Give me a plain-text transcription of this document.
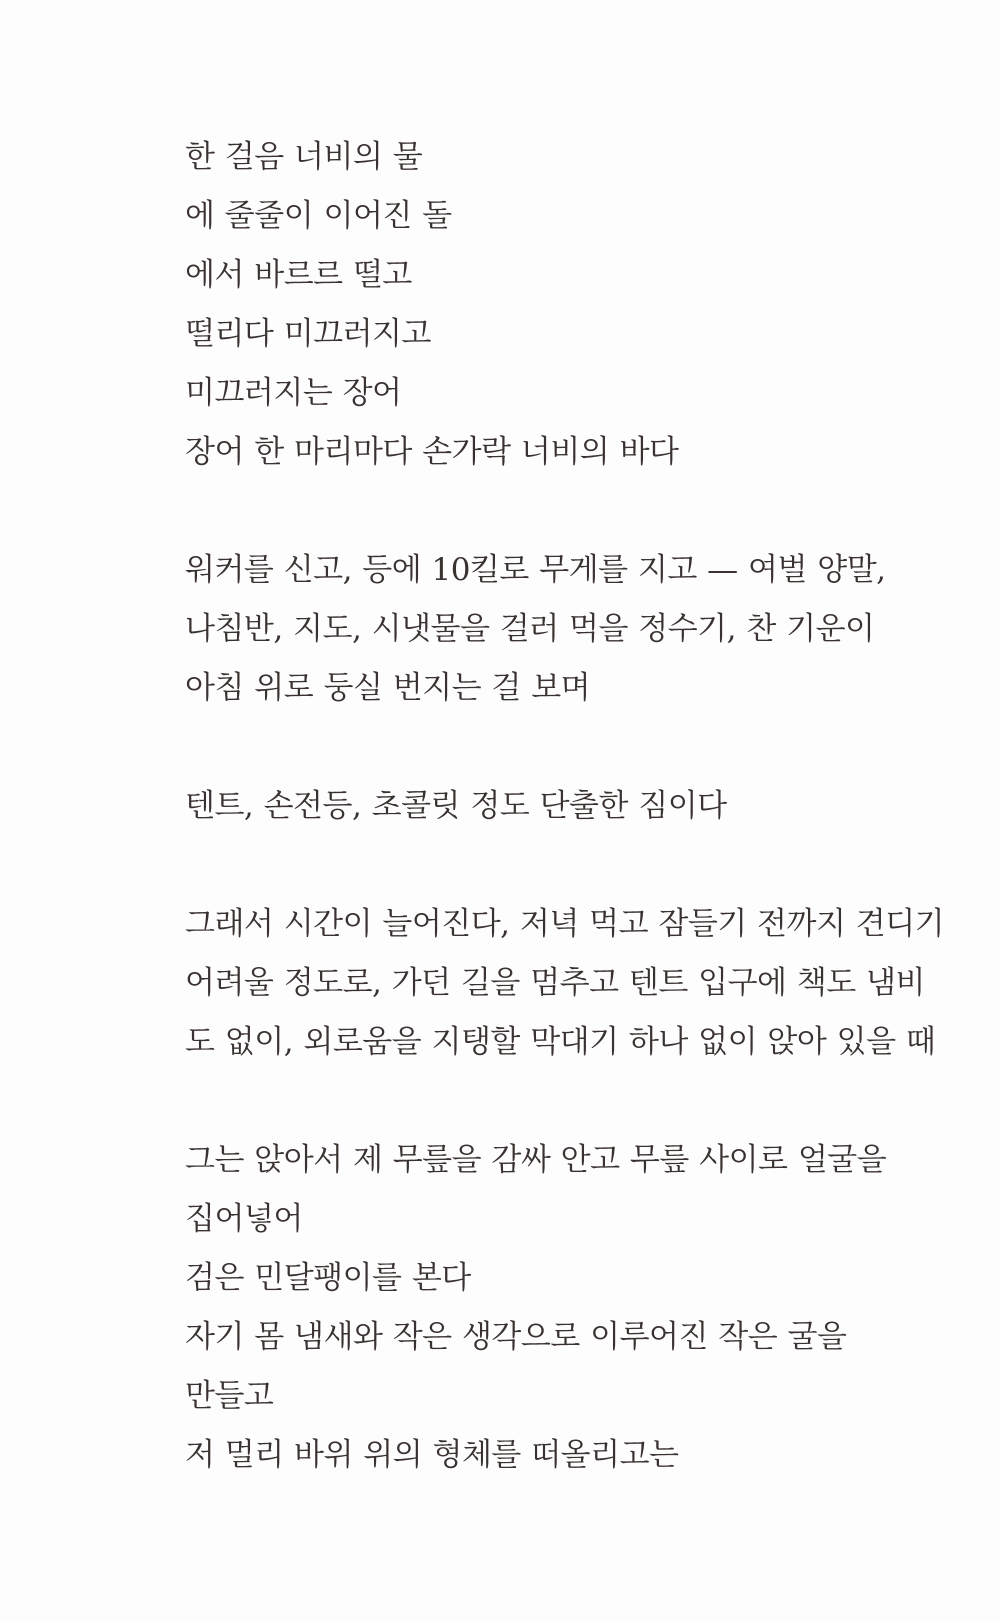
한 걸음 너비의 물

에 줄줄이 이어진 돌

에서 바르르 떨고

떨리다 미끄러지고

미끄러지는 장어

장어 한 마리마다 손가락 너비의 바다

워커를 신고, 등에 10킬로 무게를 지고 — 여벌 양말,

나침반, 지도, 시냇물을 걸러 먹을 정수기, 찬 기운이

아침 위로 둥실 번지는 걸 보며

텐트, 손전등, 초콜릿 정도 단출한 짐이다

그래서 시간이 늘어진다, 저녁 먹고 잠들기 전까지 견디기

어려울 정도로, 가던 길을 멈추고 텐트 입구에 책도 냄비

도 없이, 외로움을 지탱할 막대기 하나 없이 앉아 있을 때

그는 앉아서 제 무릎을 감싸 안고 무릎 사이로 얼굴을

집어넣어

검은 민달팽이를 본다

자기 몸 냄새와 작은 생각으로 이루어진 작은 굴을

만들고

저 멀리 바위 위의 형체를 떠올리고는
